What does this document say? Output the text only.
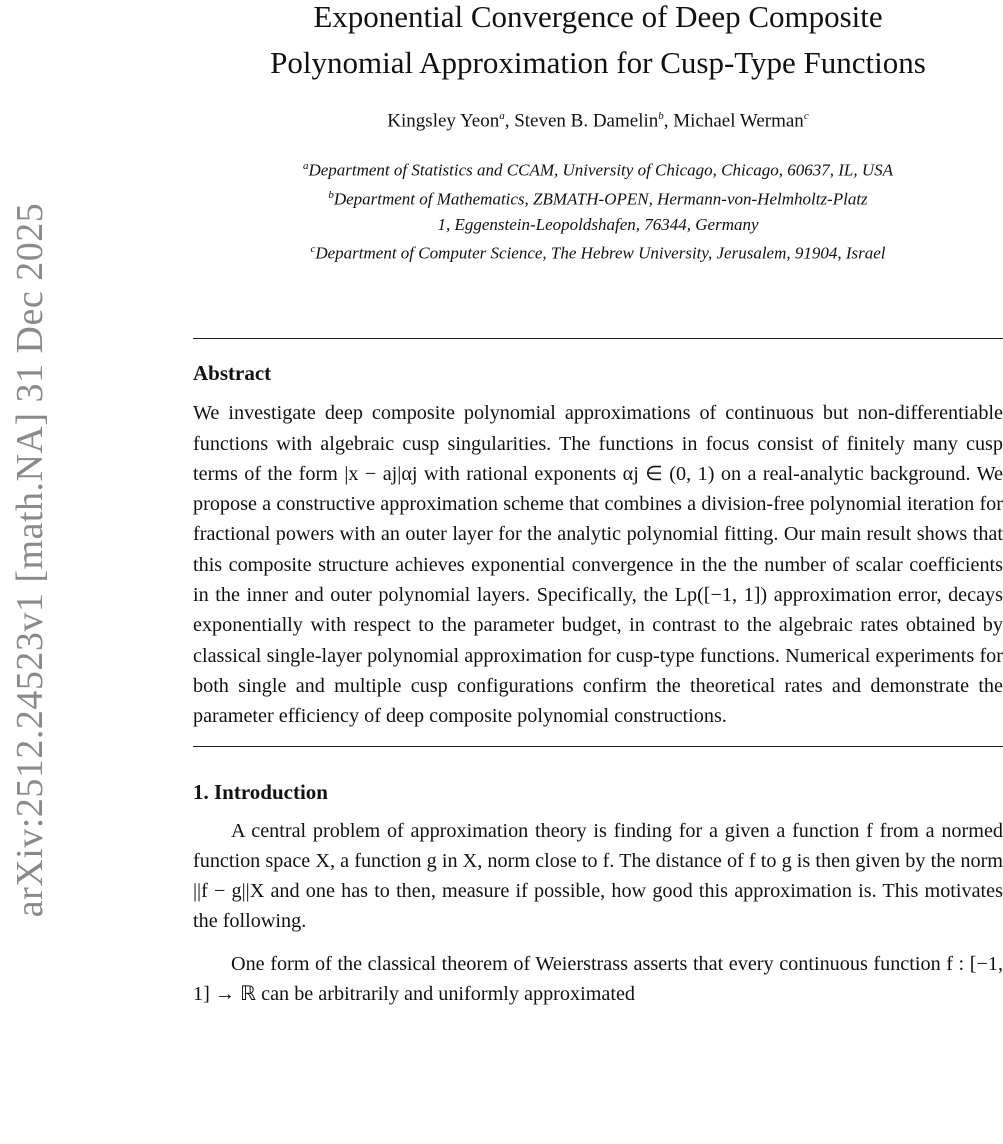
arXiv:2512.24523v1 [math.NA] 31 Dec 2025
Exponential Convergence of Deep Composite
Polynomial Approximation for Cusp-Type Functions
Kingsley Yeon$^a$, Steven B. Damelin$^b$, Michael Werman$^c$
$^a$Department of Statistics and CCAM, University of Chicago, Chicago, 60637, IL, USA
$^b$Department of Mathematics, ZBMATH-OPEN, Hermann-von-Helmholtz-Platz
1, Eggenstein-Leopoldshafen, 76344, Germany
$^c$Department of Computer Science, The Hebrew University, Jerusalem, 91904, Israel
Abstract

We investigate deep composite polynomial approximations of continuous but non-differentiable functions with algebraic cusp singularities. The functions in focus consist of finitely many cusp terms of the form |x − aj|αj with rational exponents αj ∈ (0, 1) on a real-analytic background. We propose a constructive approximation scheme that combines a division-free polynomial iteration for fractional powers with an outer layer for the analytic polynomial fitting. Our main result shows that this composite structure achieves exponential convergence in the the number of scalar coefficients in the inner and outer polynomial layers. Specifically, the Lp([−1, 1]) approximation error, decays exponentially with respect to the parameter budget, in contrast to the algebraic rates obtained by classical single-layer polynomial approximation for cusp-type functions. Numerical experiments for both single and multiple cusp configurations confirm the theoretical rates and demonstrate the parameter efficiency of deep composite polynomial constructions.

1. Introduction

A central problem of approximation theory is finding for a given a function f from a normed function space X, a function g in X, norm close to f. The distance of f to g is then given by the norm ||f − g||X and one has to then, measure if possible, how good this approximation is. This motivates the following.

One form of the classical theorem of Weierstrass asserts that every continuous function f : [−1, 1] → ℝ can be arbitrarily and uniformly approximated
